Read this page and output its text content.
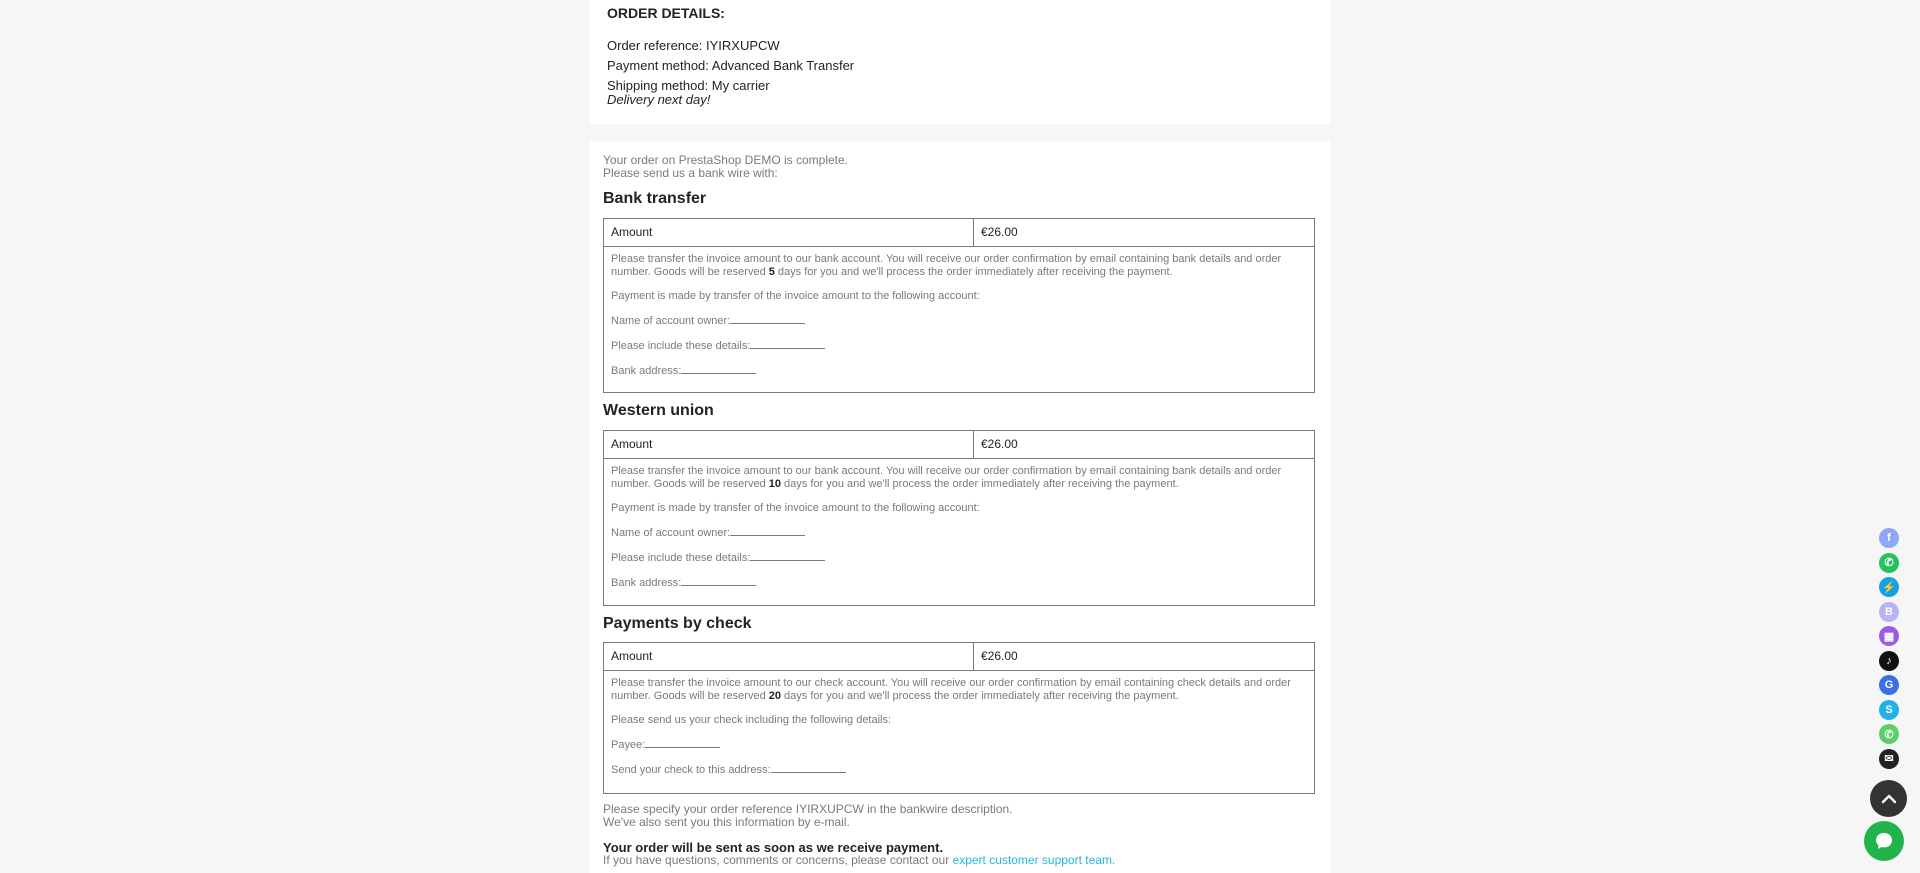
ORDER DETAILS:
Order reference: IYIRXUPCW
Payment method: Advanced Bank Transfer
Shipping method: My carrier
Delivery next day!
Your order on PrestaShop DEMO is complete.
Please send us a bank wire with:
Bank transfer
Amount	€26.00

Please transfer the invoice amount to our bank account. You will receive our order confirmation by email containing bank details and order number. Goods will be reserved 5 days for you and we'll process the order immediately after receiving the payment.

Payment is made by transfer of the invoice amount to the following account:

Name of account owner:

Please include these details:

Bank address:

Western union
Amount	€26.00

Please transfer the invoice amount to our bank account. You will receive our order confirmation by email containing bank details and order number. Goods will be reserved 10 days for you and we'll process the order immediately after receiving the payment.

Payment is made by transfer of the invoice amount to the following account:

Name of account owner:

Please include these details:

Bank address:

Payments by check
Amount	€26.00

Please transfer the invoice amount to our check account. You will receive our order confirmation by email containing check details and order number. Goods will be reserved 20 days for you and we'll process the order immediately after receiving the payment.

Please send us your check including the following details:

Payee:

Send your check to this address:

Please specify your order reference IYIRXUPCW in the bankwire description.
We've also sent you this information by e-mail.
Your order will be sent as soon as we receive payment.
If you have questions, comments or concerns, please contact our expert customer support team.
f
✆
⚡
B
▦
♪
G
S
✆
✉
